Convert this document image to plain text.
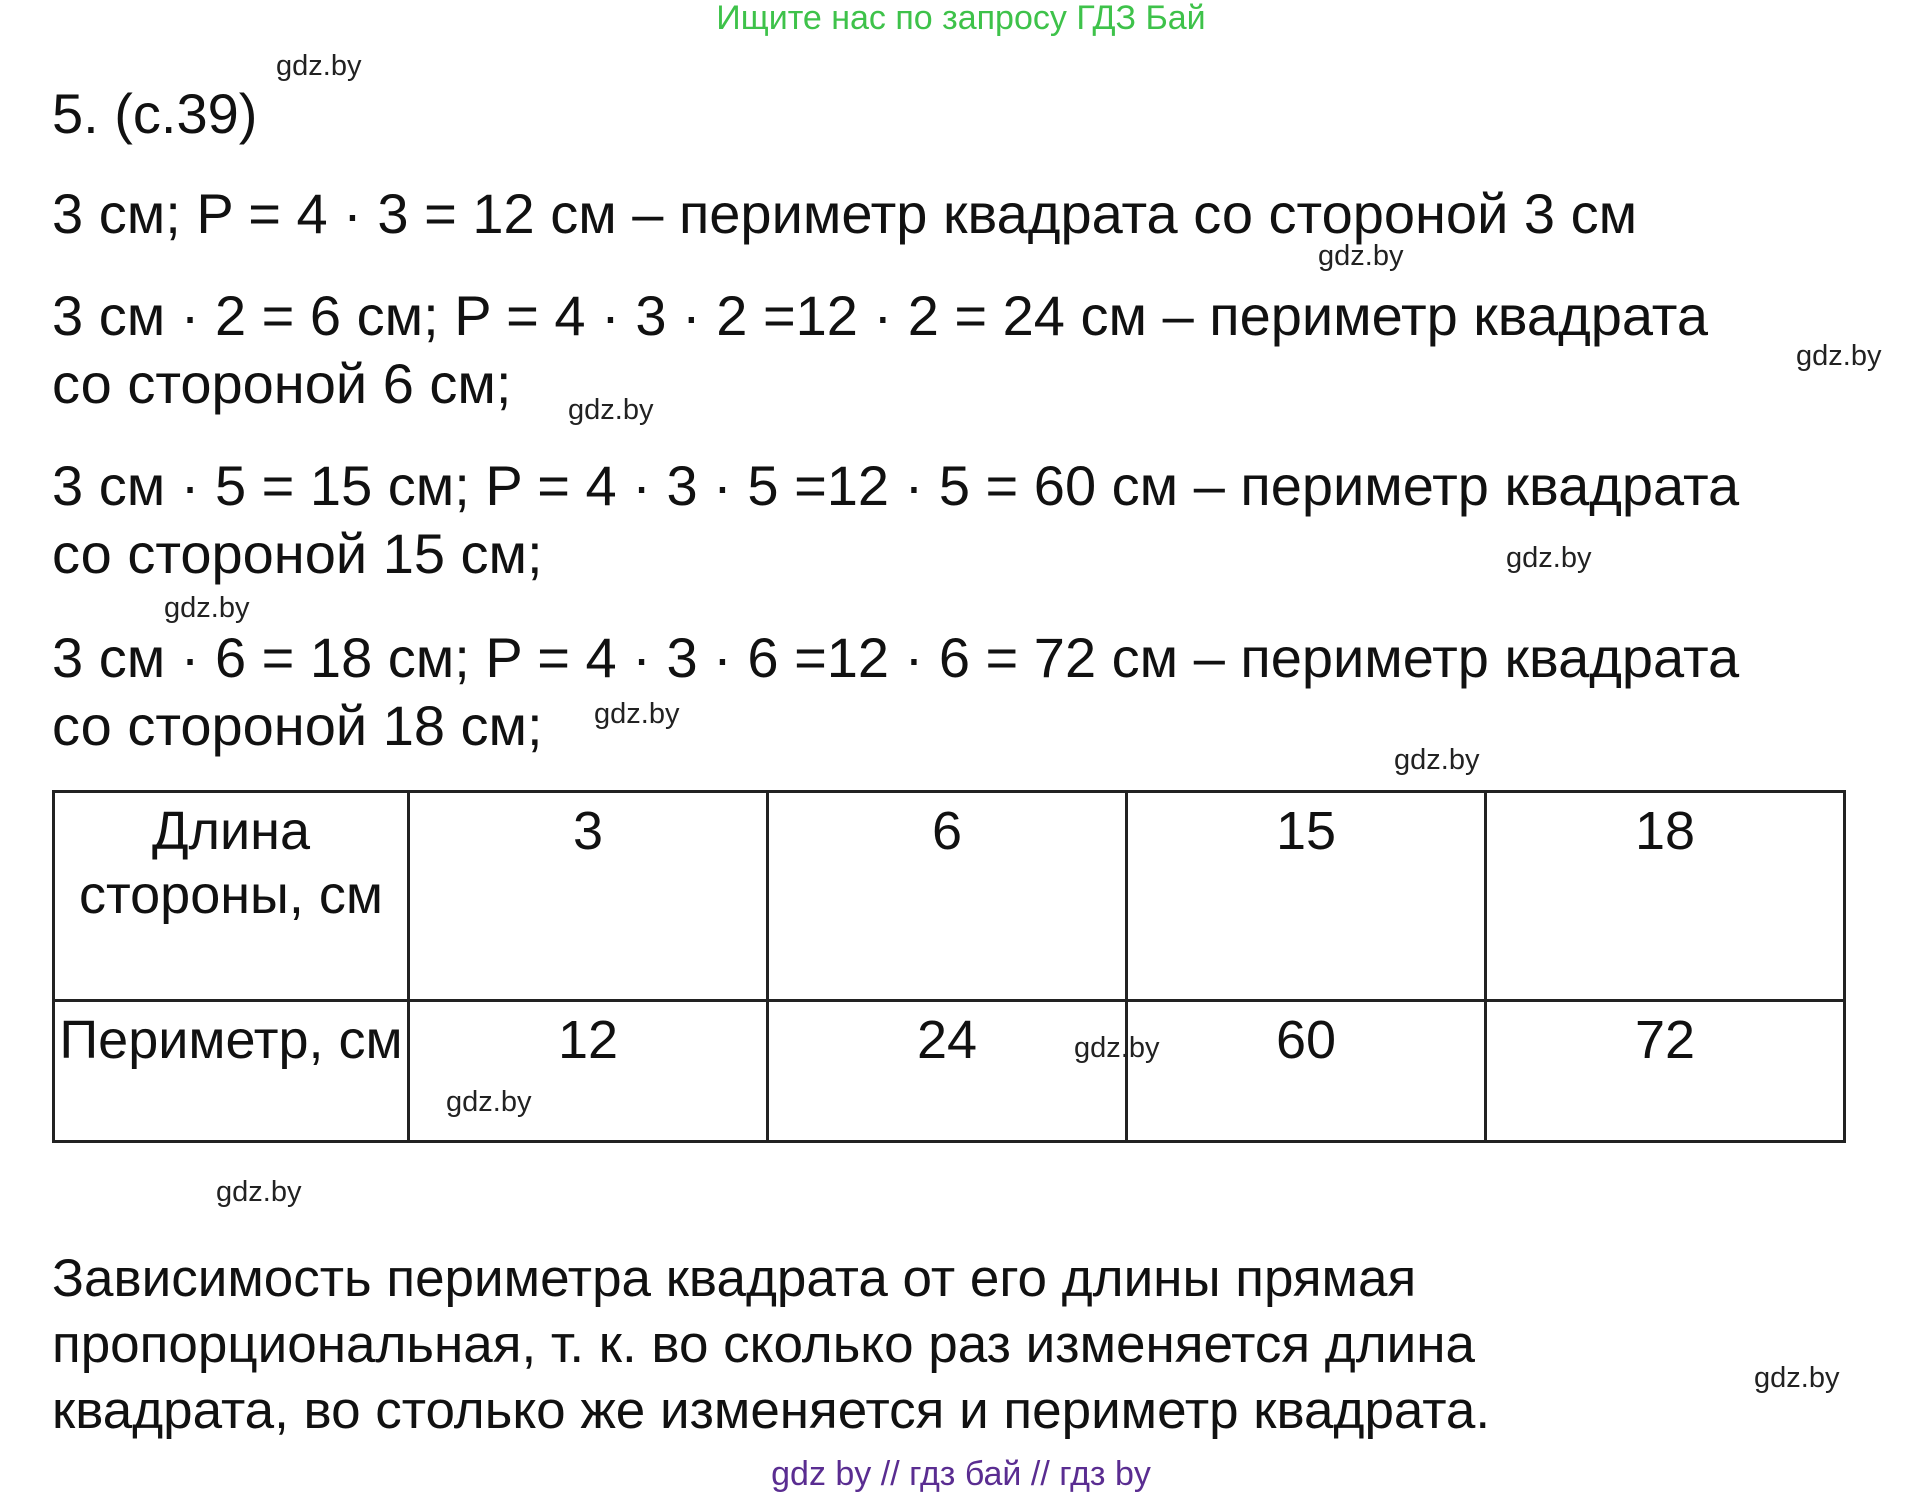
Ищите нас по запросу ГДЗ Бай
5. (с.39)
3 см; P = 4 · 3 = 12 см – периметр квадрата со стороной 3 см
3 см · 2 = 6 см; P = 4 · 3 · 2 =12 · 2 = 24 см – периметр квадрата
со стороной 6 см;
3 см · 5 = 15 см; P = 4 · 3 · 5 =12 · 5 = 60 см – периметр квадрата
со стороной 15 см;
3 см · 6 = 18 см; P = 4 · 3 · 6 =12 · 6 = 72 см – периметр квадрата
со стороной 18 см;
Длина стороны, см	3	6	15	18
Периметр, см	12	24	60	72
Зависимость периметра квадрата от его длины прямая
пропорциональная, т. к. во сколько раз изменяется длина
квадрата, во столько же изменяется и периметр квадрата.
gdz.by
gdz.by
gdz.by
gdz.by
gdz.by
gdz.by
gdz.by
gdz.by
gdz.by
gdz.by
gdz.by
gdz.by
gdz by // гдз бай // гдз by
